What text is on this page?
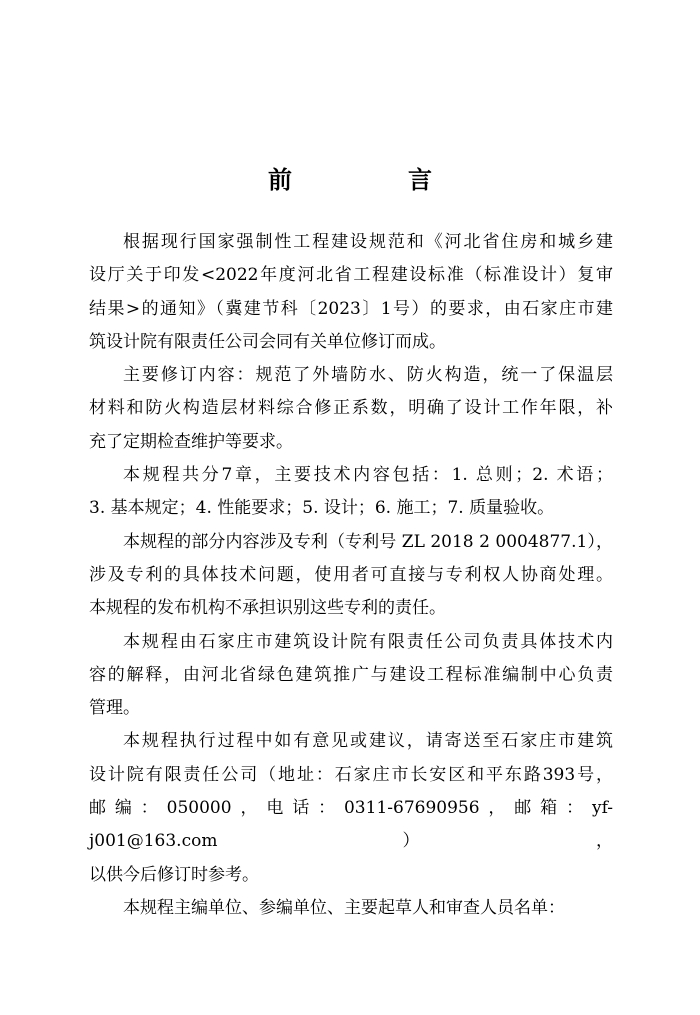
前　言

根据现行国家强制性工程建设规范和《河北省住房和城乡建

设厅关于印发<2022年度河北省工程建设标准（标准设计）复审

结果>的通知》（冀建节科〔2023〕1号）的要求，由石家庄市建

筑设计院有限责任公司会同有关单位修订而成。

主要修订内容：规范了外墙防水、防火构造，统一了保温层

材料和防火构造层材料综合修正系数，明确了设计工作年限，补

充了定期检查维护等要求。

本规程共分7章，主要技术内容包括：1. 总则；2. 术语；

3. 基本规定；4. 性能要求；5. 设计；6. 施工；7. 质量验收。

本规程的部分内容涉及专利（专利号 ZL 2018 2 0004877.1），

涉及专利的具体技术问题，使用者可直接与专利权人协商处理。

本规程的发布机构不承担识别这些专利的责任。

本规程由石家庄市建筑设计院有限责任公司负责具体技术内

容的解释，由河北省绿色建筑推广与建设工程标准编制中心负责

管理。

本规程执行过程中如有意见或建议，请寄送至石家庄市建筑

设计院有限责任公司（地址：石家庄市长安区和平东路393号，

邮编：050000，电话：0311-67690956，邮箱：yf-j001@163.com），

以供今后修订时参考。

本规程主编单位、参编单位、主要起草人和审查人员名单：
